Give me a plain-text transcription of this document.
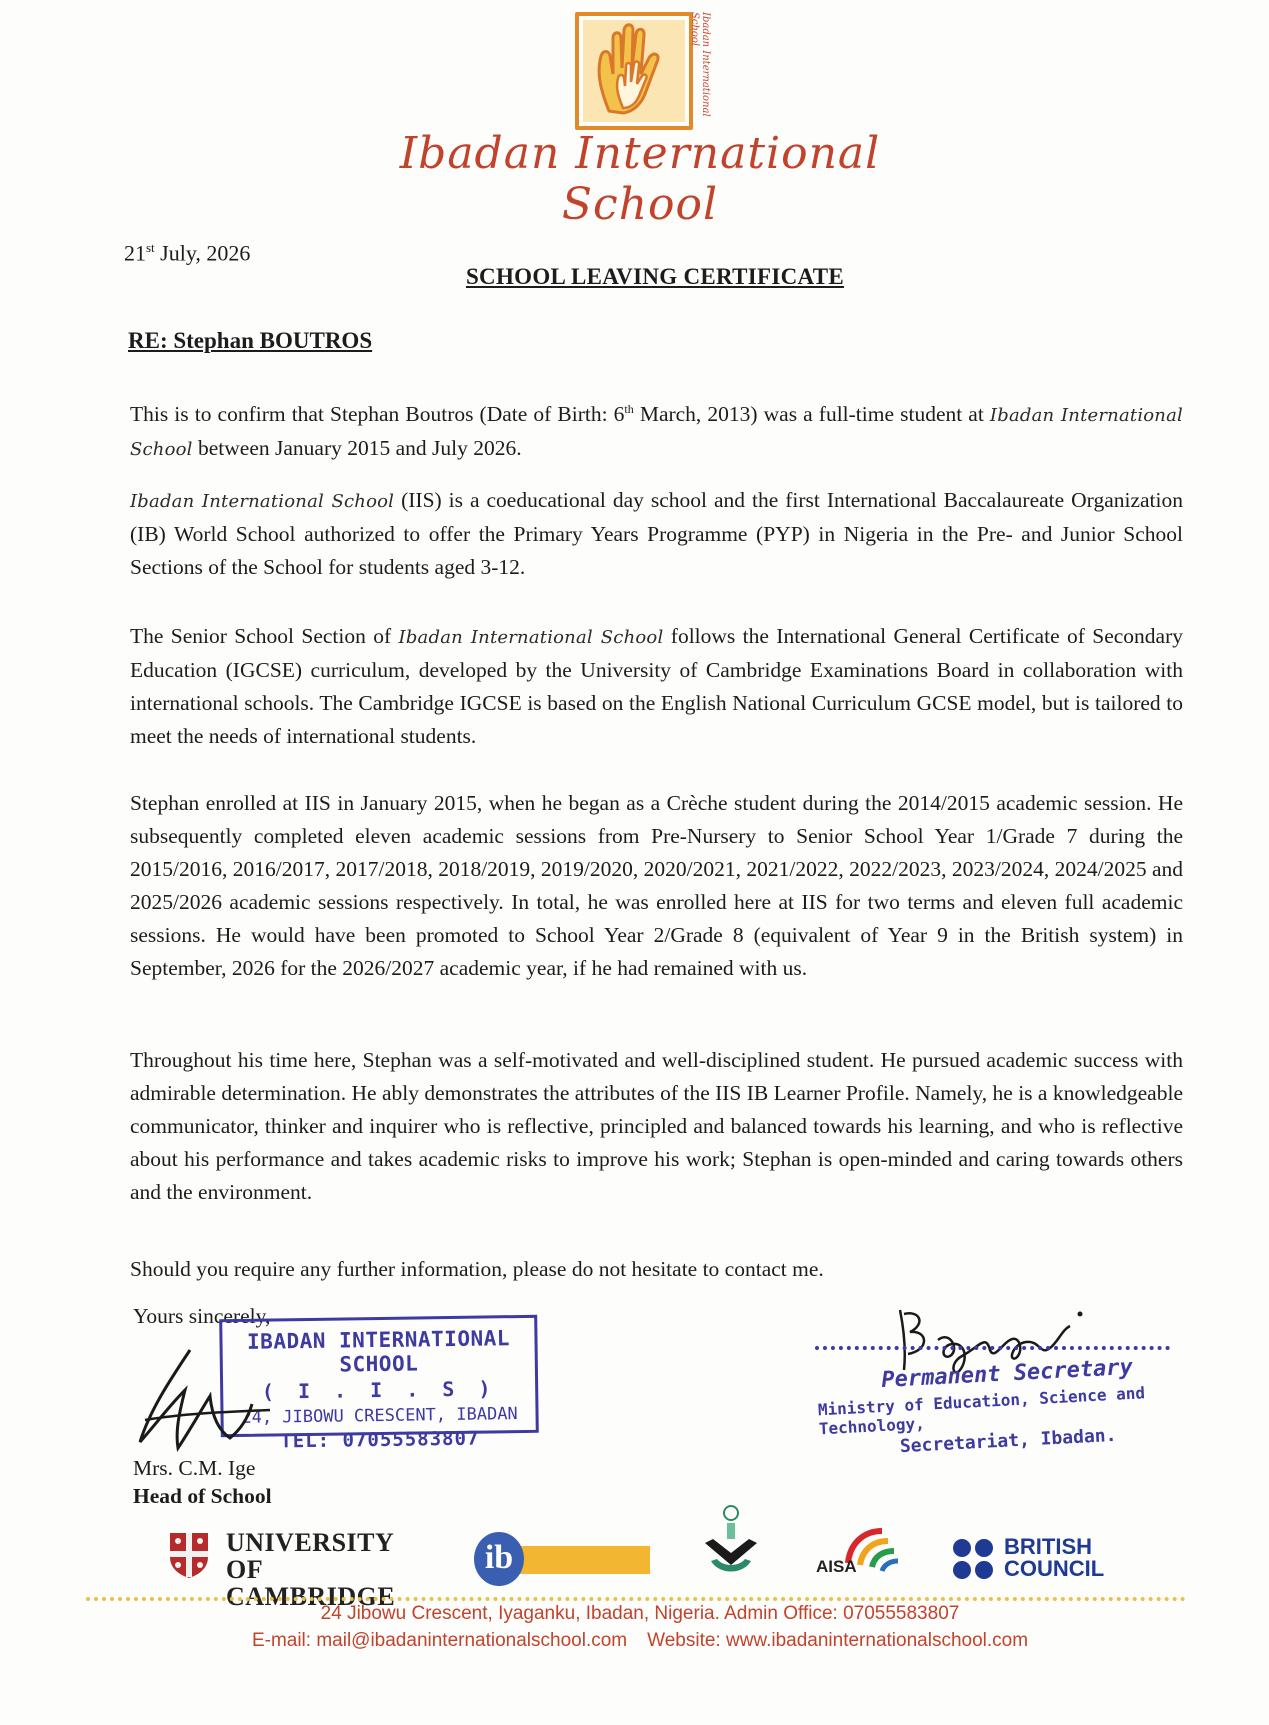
Ibadan International School
Ibadan International School
21st July, 2026
SCHOOL LEAVING CERTIFICATE
RE: Stephan BOUTROS
This is to confirm that Stephan Boutros (Date of Birth: 6th March, 2013) was a full-time student at Ibadan International School between January 2015 and July 2026.
Ibadan International School (IIS) is a coeducational day school and the first International Baccalaureate Organization (IB) World School authorized to offer the Primary Years Programme (PYP) in Nigeria in the Pre- and Junior School Sections of the School for students aged 3-12.
The Senior School Section of Ibadan International School follows the International General Certificate of Secondary Education (IGCSE) curriculum, developed by the University of Cambridge Examinations Board in collaboration with international schools. The Cambridge IGCSE is based on the English National Curriculum GCSE model, but is tailored to meet the needs of international students.
Stephan enrolled at IIS in January 2015, when he began as a Crèche student during the 2014/2015 academic session. He subsequently completed eleven academic sessions from Pre-Nursery to Senior School Year 1/Grade 7 during the 2015/2016, 2016/2017, 2017/2018, 2018/2019, 2019/2020, 2020/2021, 2021/2022, 2022/2023, 2023/2024, 2024/2025 and 2025/2026 academic sessions respectively. In total, he was enrolled here at IIS for two terms and eleven full academic sessions. He would have been promoted to School Year 2/Grade 8 (equivalent of Year 9 in the British system) in September, 2026 for the 2026/2027 academic year, if he had remained with us.
Throughout his time here, Stephan was a self-motivated and well-disciplined student. He pursued academic success with admirable determination. He ably demonstrates the attributes of the IIS IB Learner Profile. Namely, he is a knowledgeable communicator, thinker and inquirer who is reflective, principled and balanced towards his learning, and who is reflective about his performance and takes academic risks to improve his work; Stephan is open-minded and caring towards others and the environment.
Should you require any further information, please do not hesitate to contact me.
Yours sincerely,
IBADAN INTERNATIONAL SCHOOL
( I . I . S )
24, JIBOWU CRESCENT, IBADAN
TEL: 07055583807
Mrs. C.M. Ige
Head of School
Permanent Secretary
Ministry of Education, Science and Technology,
Secretariat, Ibadan.
UNIVERSITY OF
CAMBRIDGE
ib	AISA
BRITISH
COUNCIL
24 Jibowu Crescent, Iyaganku, Ibadan, Nigeria. Admin Office: 07055583807
E-mail: mail@ibadaninternationalschool.com Website: www.ibadaninternationalschool.com
